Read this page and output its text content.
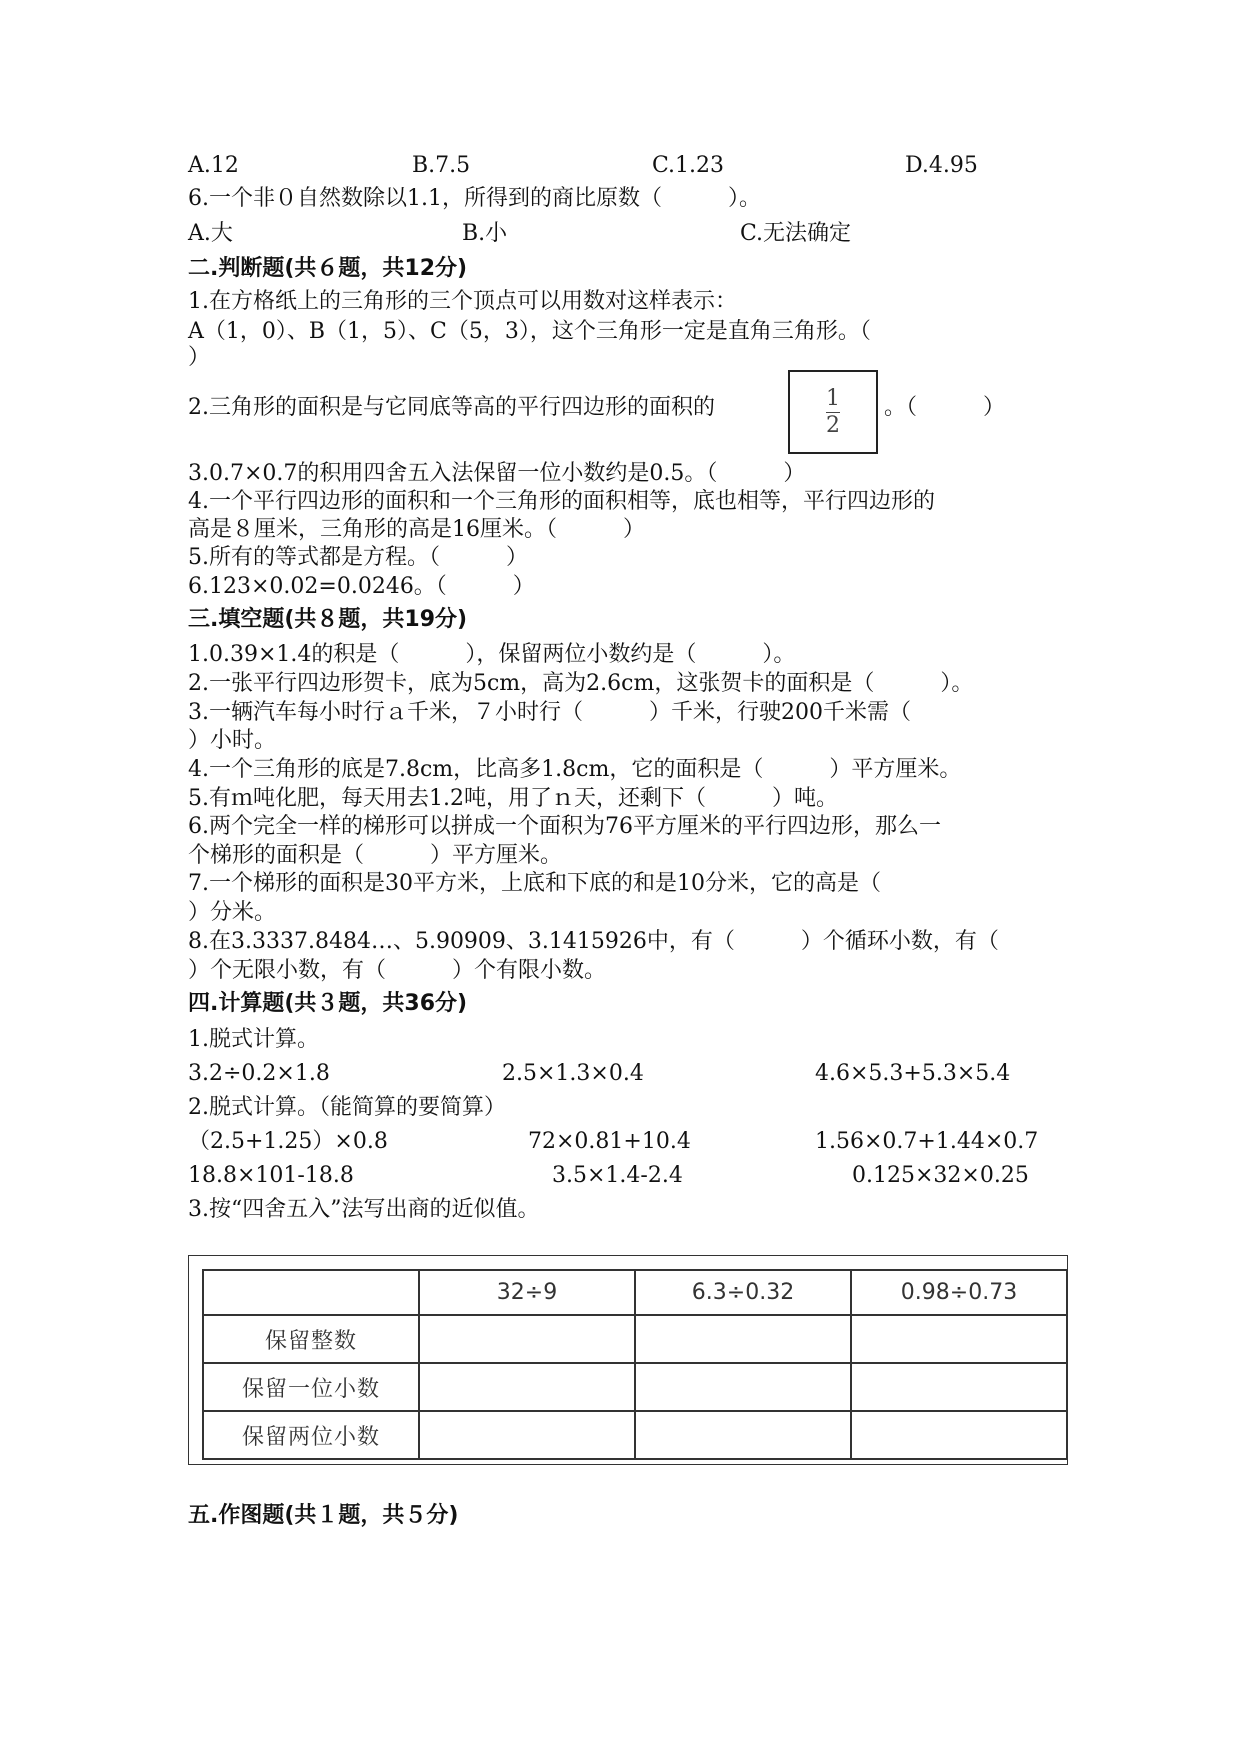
A.12	B.7.5	C.1.23	D.4.95
6.一个非０自然数除以1.1，所得到的商比原数（　　　）。
A.大	B.小	C.无法确定
二.判断题(共６题，共12分)
1.在方格纸上的三角形的三个顶点可以用数对这样表示：
A（1，0）、B（1，5）、C（5，3），这个三角形一定是直角三角形。（
）
2.三角形的面积是与它同底等高的平行四边形的面积的	$\frac{1}{2}$ 。（　　　）
3.0.7×0.7的积用四舍五入法保留一位小数约是0.5。（　　　）
4.一个平行四边形的面积和一个三角形的面积相等，底也相等，平行四边形的
高是８厘米，三角形的高是16厘米。（　　　）
5.所有的等式都是方程。（　　　）
6.123×0.02=0.0246。（　　　）
三.填空题(共８题，共19分)
1.0.39×1.4的积是（　　　），保留两位小数约是（　　　）。
2.一张平行四边形贺卡，底为5cm，高为2.6cm，这张贺卡的面积是（　　　）。
3.一辆汽车每小时行ａ千米，７小时行（　　　）千米，行驶200千米需（
）小时。
4.一个三角形的底是7.8cm，比高多1.8cm，它的面积是（　　　）平方厘米。
5.有ｍ吨化肥，每天用去1.2吨，用了ｎ天，还剩下（　　　）吨。
6.两个完全一样的梯形可以拼成一个面积为76平方厘米的平行四边形，那么一
个梯形的面积是（　　　）平方厘米。
7.一个梯形的面积是30平方米，上底和下底的和是10分米，它的高是（
）分米。
8.在3.3337.8484…、5.90909、3.1415926中，有（　　　）个循环小数，有（
）个无限小数，有（　　　）个有限小数。
四.计算题(共３题，共36分)
1.脱式计算。
3.2÷0.2×1.8	2.5×1.3×0.4	4.6×5.3+5.3×5.4
2.脱式计算。（能简算的要简算）
（2.5+1.25）×0.8	72×0.81+10.4	1.56×0.7+1.44×0.7
18.8×101-18.8	3.5×1.4-2.4	0.125×32×0.25
3.按“四舍五入”法写出商的近似值。
	32÷9	6.3÷0.32	0.98÷0.73
保留整数			
保留一位小数			
保留两位小数			
五.作图题(共１题，共５分)
